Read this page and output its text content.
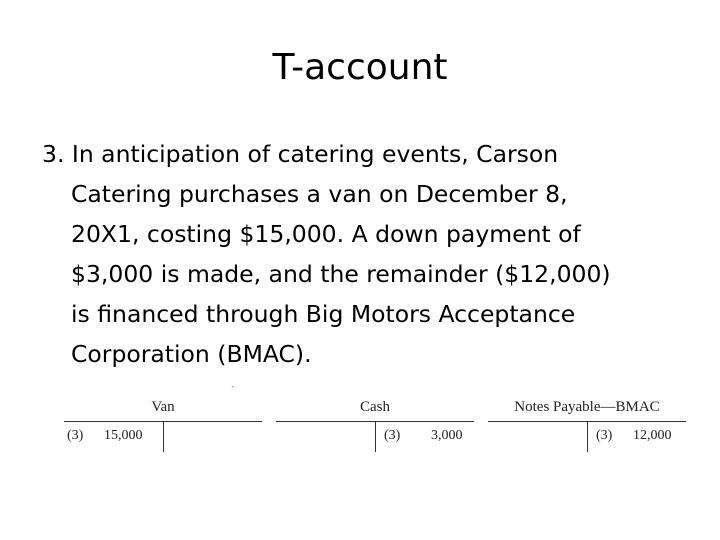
T-account
3. In anticipation of catering events, Carson
Catering purchases a van on December 8,
20X1, costing $15,000. A down payment of
$3,000 is made, and the remainder ($12,000)
is financed through Big Motors Acceptance
Corporation (BMAC).
ˎ
Van
(3) 15,000
Cash
(3) 3,000
Notes Payable—BMAC
(3) 12,000
